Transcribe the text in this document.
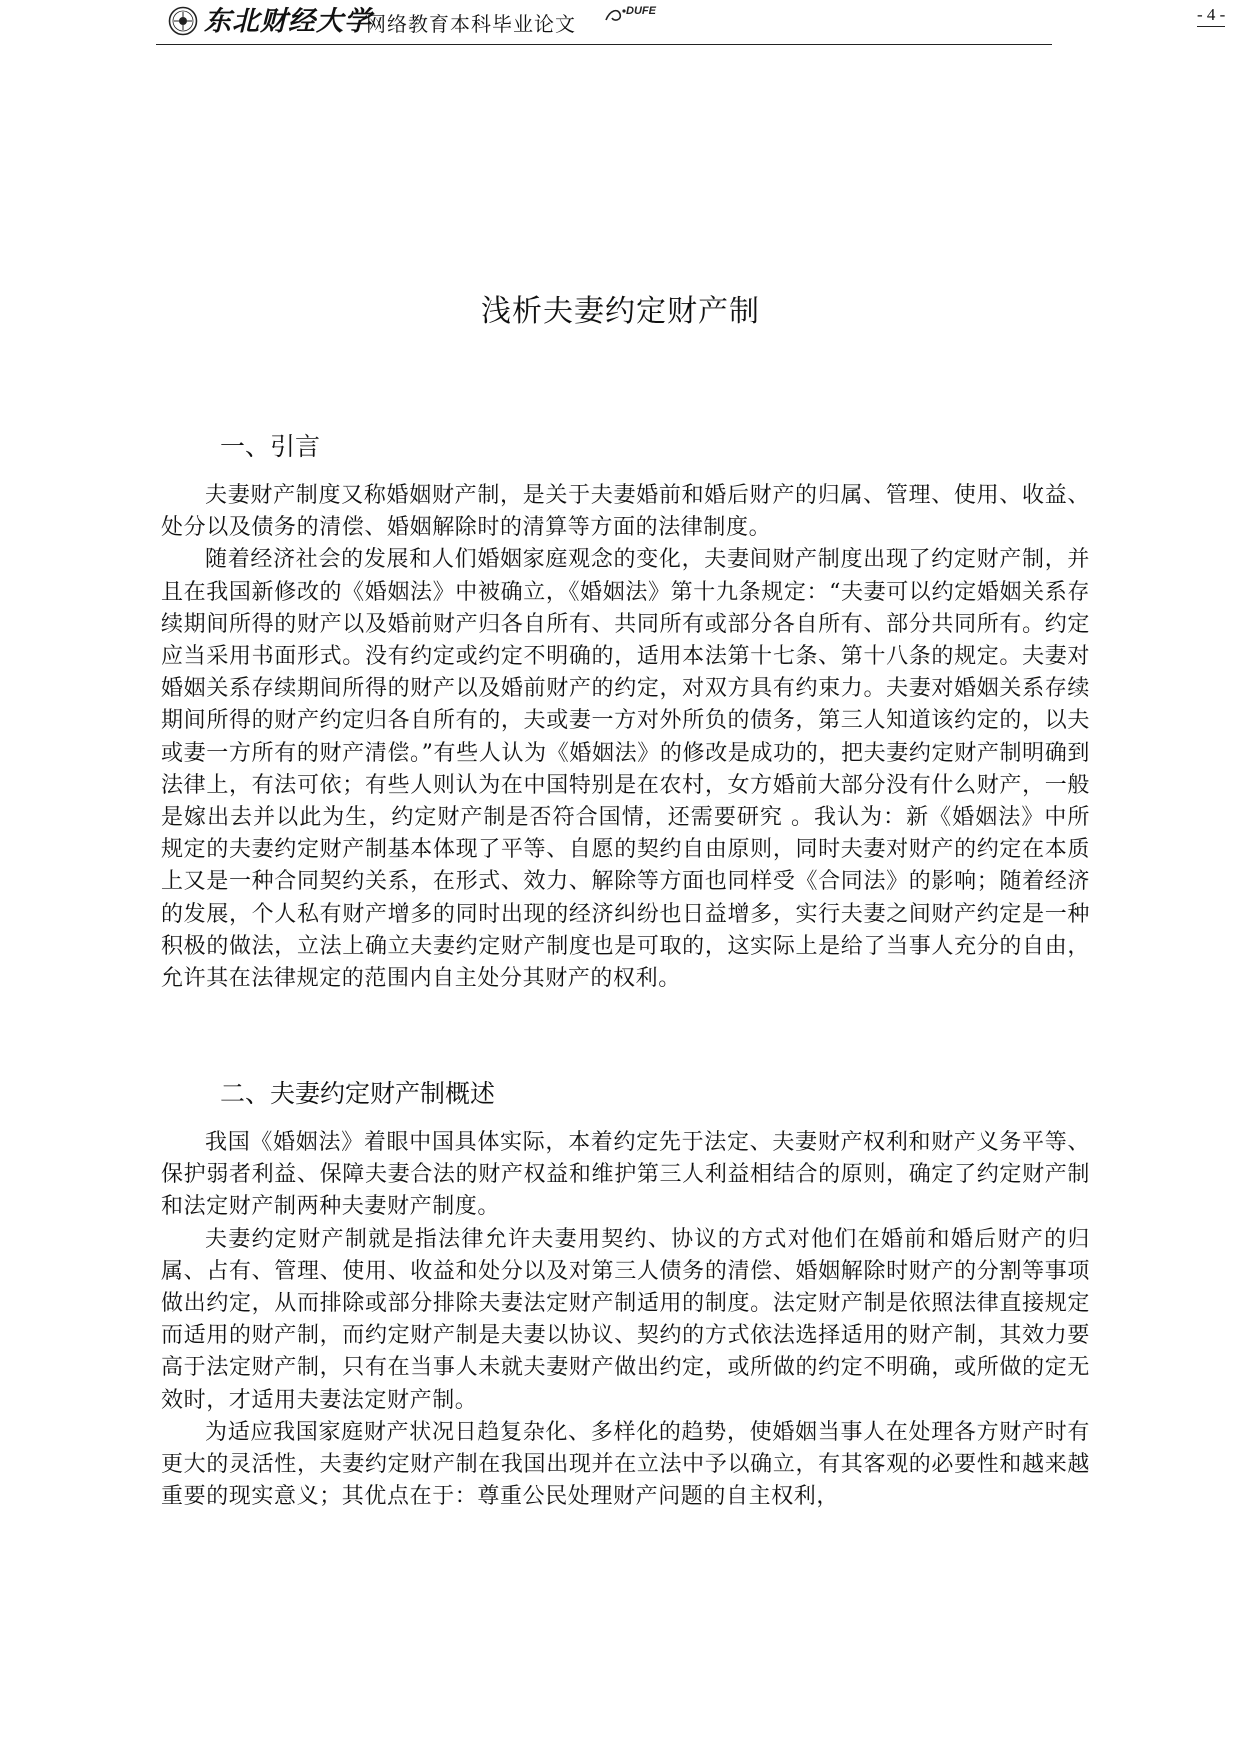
东北财经大学
网络教育本科毕业论文
DUFE	- 4 -
浅析夫妻约定财产制
一、引言

夫妻财产制度又称婚姻财产制，是关于夫妻婚前和婚后财产的归属、管理、使用、收益、处分以及债务的清偿、婚姻解除时的清算等方面的法律制度。

随着经济社会的发展和人们婚姻家庭观念的变化，夫妻间财产制度出现了约定财产制，并且在我国新修改的《婚姻法》中被确立，《婚姻法》第十九条规定：“夫妻可以约定婚姻关系存续期间所得的财产以及婚前财产归各自所有、共同所有或部分各自所有、部分共同所有。约定应当采用书面形式。没有约定或约定不明确的，适用本法第十七条、第十八条的规定。夫妻对婚姻关系存续期间所得的财产以及婚前财产的约定，对双方具有约束力。夫妻对婚姻关系存续期间所得的财产约定归各自所有的，夫或妻一方对外所负的债务，第三人知道该约定的，以夫或妻一方所有的财产清偿。”有些人认为《婚姻法》的修改是成功的，把夫妻约定财产制明确到法律上，有法可依；有些人则认为在中国特别是在农村，女方婚前大部分没有什么财产，一般是嫁出去并以此为生，约定财产制是否符合国情，还需要研究 。我认为：新《婚姻法》中所规定的夫妻约定财产制基本体现了平等、自愿的契约自由原则，同时夫妻对财产的约定在本质上又是一种合同契约关系，在形式、效力、解除等方面也同样受《合同法》的影响；随着经济的发展，个人私有财产增多的同时出现的经济纠纷也日益增多，实行夫妻之间财产约定是一种积极的做法，立法上确立夫妻约定财产制度也是可取的，这实际上是给了当事人充分的自由，允许其在法律规定的范围内自主处分其财产的权利。

二、夫妻约定财产制概述

我国《婚姻法》着眼中国具体实际，本着约定先于法定、夫妻财产权利和财产义务平等、保护弱者利益、保障夫妻合法的财产权益和维护第三人利益相结合的原则，确定了约定财产制和法定财产制两种夫妻财产制度。

夫妻约定财产制就是指法律允许夫妻用契约、协议的方式对他们在婚前和婚后财产的归属、占有、管理、使用、收益和处分以及对第三人债务的清偿、婚姻解除时财产的分割等事项做出约定，从而排除或部分排除夫妻法定财产制适用的制度。法定财产制是依照法律直接规定而适用的财产制，而约定财产制是夫妻以协议、契约的方式依法选择适用的财产制，其效力要高于法定财产制，只有在当事人未就夫妻财产做出约定，或所做的约定不明确，或所做的定无效时，才适用夫妻法定财产制。

为适应我国家庭财产状况日趋复杂化、多样化的趋势，使婚姻当事人在处理各方财产时有更大的灵活性，夫妻约定财产制在我国出现并在立法中予以确立，有其客观的必要性和越来越重要的现实意义；其优点在于：尊重公民处理财产问题的自主权利，
